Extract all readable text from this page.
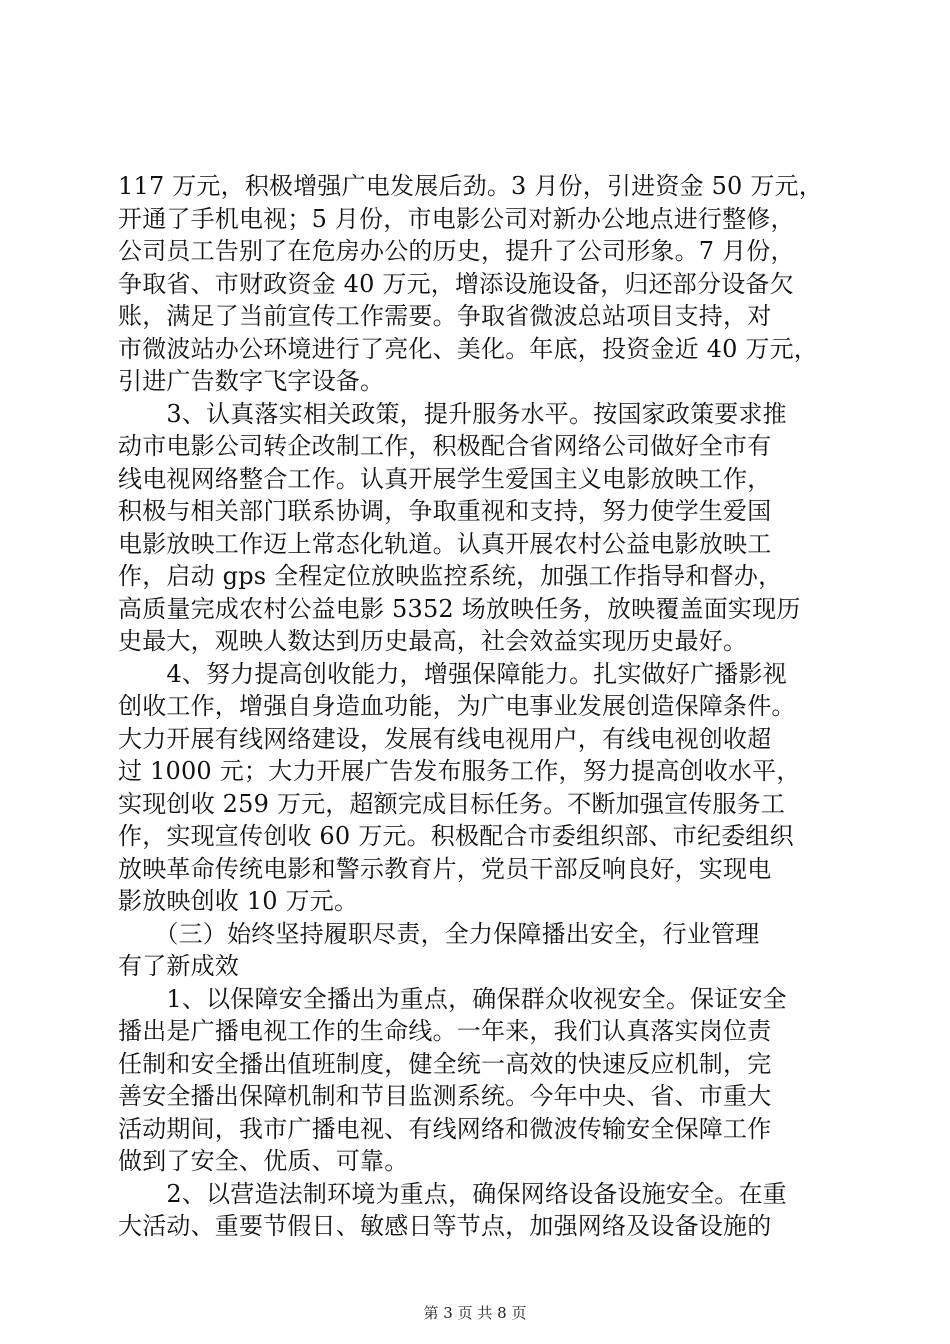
117 万元，积极增强广电发展后劲。3 月份，引进资金 50 万元，
开通了手机电视；5 月份，市电影公司对新办公地点进行整修，
公司员工告别了在危房办公的历史，提升了公司形象。7 月份，
争取省、市财政资金 40 万元，增添设施设备，归还部分设备欠
账，满足了当前宣传工作需要。争取省微波总站项目支持，对
市微波站办公环境进行了亮化、美化。年底，投资金近 40 万元，
引进广告数字飞字设备。
　　3、认真落实相关政策，提升服务水平。按国家政策要求推
动市电影公司转企改制工作，积极配合省网络公司做好全市有
线电视网络整合工作。认真开展学生爱国主义电影放映工作，
积极与相关部门联系协调，争取重视和支持，努力使学生爱国
电影放映工作迈上常态化轨道。认真开展农村公益电影放映工
作，启动 gps 全程定位放映监控系统，加强工作指导和督办，
高质量完成农村公益电影 5352 场放映任务，放映覆盖面实现历
史最大，观映人数达到历史最高，社会效益实现历史最好。
　　4、努力提高创收能力，增强保障能力。扎实做好广播影视
创收工作，增强自身造血功能，为广电事业发展创造保障条件。
大力开展有线网络建设，发展有线电视用户，有线电视创收超
过 1000 元；大力开展广告发布服务工作，努力提高创收水平，
实现创收 259 万元，超额完成目标任务。不断加强宣传服务工
作，实现宣传创收 60 万元。积极配合市委组织部、市纪委组织
放映革命传统电影和警示教育片，党员干部反响良好，实现电
影放映创收 10 万元。
　　（三）始终坚持履职尽责，全力保障播出安全，行业管理
有了新成效
　　1、以保障安全播出为重点，确保群众收视安全。保证安全
播出是广播电视工作的生命线。一年来，我们认真落实岗位责
任制和安全播出值班制度，健全统一高效的快速反应机制，完
善安全播出保障机制和节目监测系统。今年中央、省、市重大
活动期间，我市广播电视、有线网络和微波传输安全保障工作
做到了安全、优质、可靠。
　　2、以营造法制环境为重点，确保网络设备设施安全。在重
大活动、重要节假日、敏感日等节点，加强网络及设备设施的
第 3 页 共 8 页
